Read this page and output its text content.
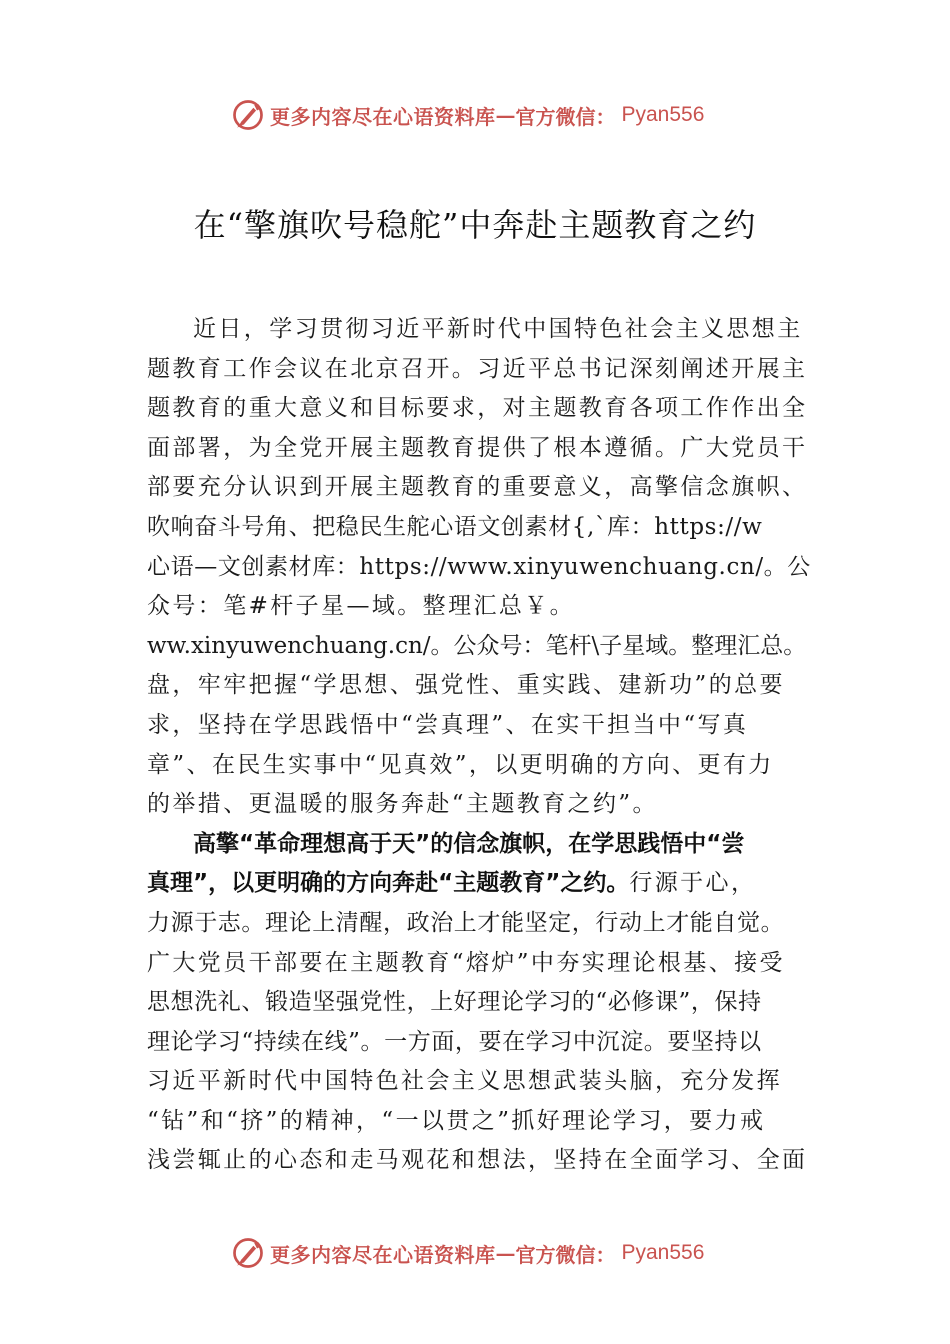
更多内容尽在心语资料库 — 官方微信： Pyan556
在“擎旗吹号稳舵”中奔赴主题教育之约
近日，学习贯彻习近平新时代中国特色社会主义思想主
题教育工作会议在北京召开。习近平总书记深刻阐述开展主
题教育的重大意义和目标要求，对主题教育各项工作作出全
面部署，为全党开展主题教育提供了根本遵循。广大党员干
部要充分认识到开展主题教育的重要意义，高擎信念旗帜、
吹响奋斗号角、把稳民生舵心语文创素材{,`库：https://w
心语—文创素材库：https://www.xinyuwenchuang.cn/。公
众号：笔#杆子星—域。整理汇总￥。
ww.xinyuwenchuang.cn/。公众号：笔杆\子星域。整理汇总。
盘，牢牢把握“学思想、强党性、重实践、建新功”的总要
求，坚持在学思践悟中“尝真理”、在实干担当中“写真
章”、在民生实事中“见真效”，以更明确的方向、更有力
的举措、更温暖的服务奔赴“主题教育之约”。
高擎“革命理想高于天”的信念旗帜，在学思践悟中“尝
真理”，以更明确的方向奔赴“主题教育”之约。行源于心，
力源于志。理论上清醒，政治上才能坚定，行动上才能自觉。
广大党员干部要在主题教育“熔炉”中夯实理论根基、接受
思想洗礼、锻造坚强党性，上好理论学习的“必修课”，保持
理论学习“持续在线”。一方面，要在学习中沉淀。要坚持以
习近平新时代中国特色社会主义思想武装头脑，充分发挥
“钻”和“挤”的精神，“一以贯之”抓好理论学习，要力戒
浅尝辄止的心态和走马观花和想法，坚持在全面学习、全面
更多内容尽在心语资料库 — 官方微信： Pyan556
